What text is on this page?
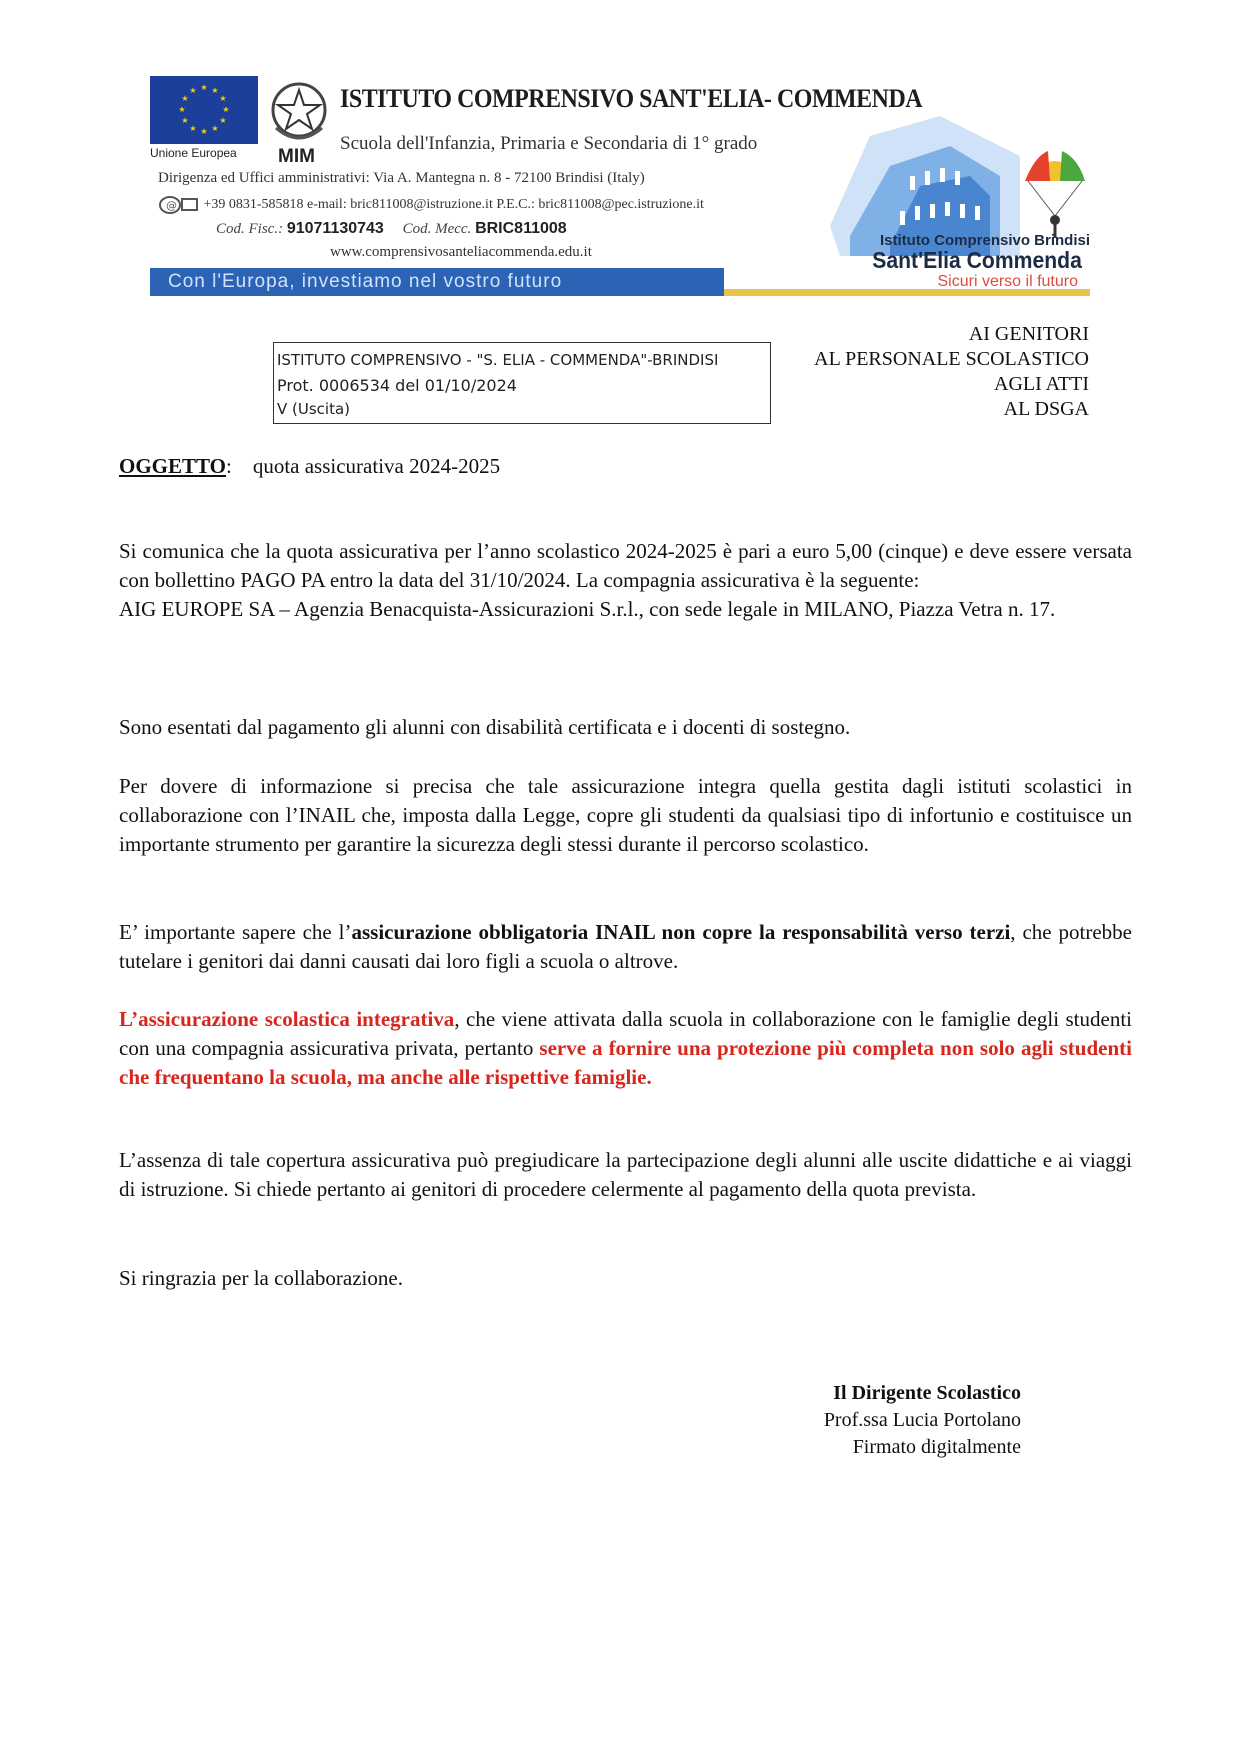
★ ★
★
★
★
★
★
★
★
★
★
★
Unione Europea	MIM
ISTITUTO COMPRENSIVO SANT'ELIA- COMMENDA
Scuola dell'Infanzia, Primaria e Secondaria di 1° grado
Dirigenza ed Uffici amministrativi: Via A. Mantegna n. 8 - 72100 Brindisi (Italy)
@ +39 0831-585818 e-mail: bric811008@istruzione.it P.E.C.: bric811008@pec.istruzione.it
Cod. Fisc.: 91071130743 Cod. Mecc. BRIC811008
www.comprensivosanteliacommenda.edu.it
Con l'Europa, investiamo nel vostro futuro
Istituto Comprensivo Brindisi
Sant'Elia Commenda
Sicuri verso il futuro
ISTITUTO COMPRENSIVO - "S. ELIA - COMMENDA"-BRINDISI
Prot. 0006534 del 01/10/2024
V (Uscita)
AI GENITORI
AL PERSONALE SCOLASTICO
AGLI ATTI
AL DSGA
OGGETTO:    quota assicurativa 2024-2025
Si comunica che la quota assicurativa per l’anno scolastico 2024-2025 è pari a euro 5,00 (cinque) e deve essere versata con bollettino PAGO PA entro la data del 31/10/2024. La compagnia assicurativa è la seguente:
AIG EUROPE SA – Agenzia Benacquista-Assicurazioni S.r.l., con sede legale in MILANO, Piazza Vetra n. 17.
Sono esentati dal pagamento gli alunni con disabilità certificata e i docenti di sostegno.
Per dovere di informazione si precisa che tale assicurazione integra quella gestita dagli istituti scolastici in collaborazione con l’INAIL che, imposta dalla Legge, copre gli studenti da qualsiasi tipo di infortunio e costituisce un importante strumento per garantire la sicurezza degli stessi durante il percorso scolastico.
E’ importante sapere che l’assicurazione obbligatoria INAIL non copre la responsabilità verso terzi, che potrebbe tutelare i genitori dai danni causati dai loro figli a scuola o altrove.
L’assicurazione scolastica integrativa, che viene attivata dalla scuola in collaborazione con le famiglie degli studenti con una compagnia assicurativa privata, pertanto serve a fornire una protezione più completa non solo agli studenti che frequentano la scuola, ma anche alle rispettive famiglie.
L’assenza di tale copertura assicurativa può pregiudicare la partecipazione degli alunni alle uscite didattiche e ai viaggi di istruzione. Si chiede pertanto ai genitori di procedere celermente al pagamento della quota prevista.
Si ringrazia per la collaborazione.
Il Dirigente Scolastico
Prof.ssa Lucia Portolano
Firmato digitalmente
